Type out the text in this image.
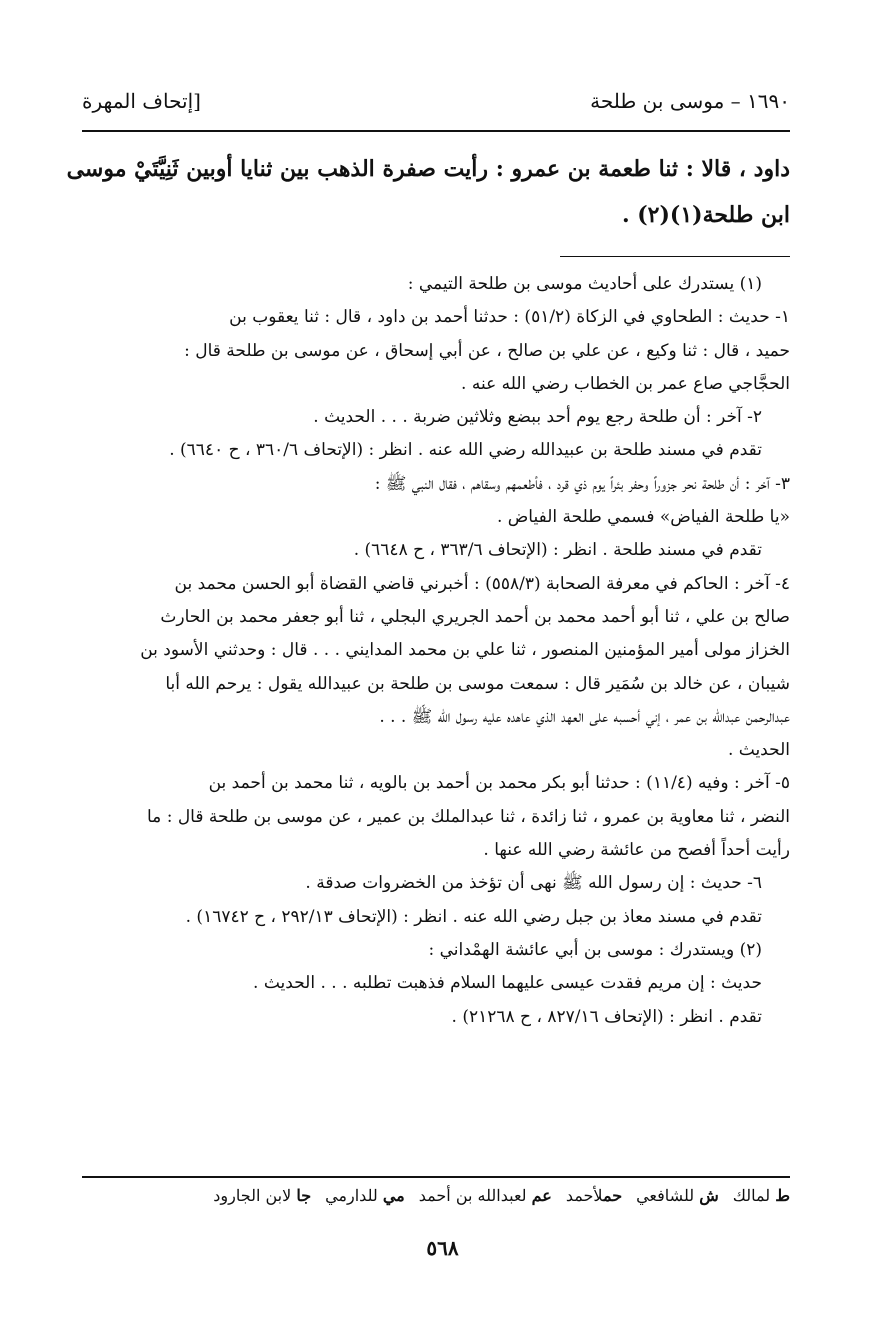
١٦٩٠ – موسى بن طلحة
[إتحاف المهرة
داود ، قالا : ثنا طعمة بن عمرو : رأيت صفرة الذهب بين ثنايا أوبين ثَنِيَّتَيْ موسى
ابن طلحة(١)(٢) .
(١) يستدرك على أحاديث موسى بن طلحة التيمي :
١- حديث : الطحاوي في الزكاة (٥١/٢) : حدثنا أحمد بن داود ، قال : ثنا يعقوب بن
حميد ، قال : ثنا وكيع ، عن علي بن صالح ، عن أبي إسحاق ، عن موسى بن طلحة قال :
الحجَّاجي صاع عمر بن الخطاب رضي الله عنه .
٢- آخر : أن طلحة رجع يوم أحد ببضع وثلاثين ضربة . . . الحديث .
تقدم في مسند طلحة بن عبيدالله رضي الله عنه . انظر : (الإتحاف ٣٦٠/٦ ، ح ٦٦٤٠) .
٣- آخر : أن طلحة نحر جزوراً وحفر بئراً يوم ذي قرد ، فأطعمهم وسقاهم ، فقال النبي ﷺ :
«يا طلحة الفياض» فسمي طلحة الفياض .
تقدم في مسند طلحة . انظر : (الإتحاف ٣٦٣/٦ ، ح ٦٦٤٨) .
٤- آخر : الحاكم في معرفة الصحابة (٥٥٨/٣) : أخبرني قاضي القضاة أبو الحسن محمد بن
صالح بن علي ، ثنا أبو أحمد محمد بن أحمد الجريري البجلي ، ثنا أبو جعفر محمد بن الحارث
الخزاز مولى أمير المؤمنين المنصور ، ثنا علي بن محمد المدايني . . . قال : وحدثني الأسود بن
شيبان ، عن خالد بن سُمَير قال : سمعت موسى بن طلحة بن عبيدالله يقول : يرحم الله أبا
عبدالرحمن عبدالله بن عمر ، إني أحسبه على العهد الذي عاهده عليه رسول الله ﷺ . . .
الحديث .
٥- آخر : وفيه (١١/٤) : حدثنا أبو بكر محمد بن أحمد بن بالويه ، ثنا محمد بن أحمد بن
النضر ، ثنا معاوية بن عمرو ، ثنا زائدة ، ثنا عبدالملك بن عمير ، عن موسى بن طلحة قال : ما
رأيت أحداً أفصح من عائشة رضي الله عنها .
٦- حديث : إن رسول الله ﷺ نهى أن تؤخذ من الخضروات صدقة .
تقدم في مسند معاذ بن جبل رضي الله عنه . انظر : (الإتحاف ٢٩٢/١٣ ، ح ١٦٧٤٢) .
(٢) ويستدرك : موسى بن أبي عائشة الهمْداني :
حديث : إن مريم فقدت عيسى عليهما السلام فذهبت تطلبه . . . الحديث .
تقدم . انظر : (الإتحاف ٨٢٧/١٦ ، ح ٢١٢٦٨) .
ط لمالك
ش للشافعي
حملأحمد
عم لعبدالله بن أحمد
مي للدارمي
جا لابن الجارود
٥٦٨
